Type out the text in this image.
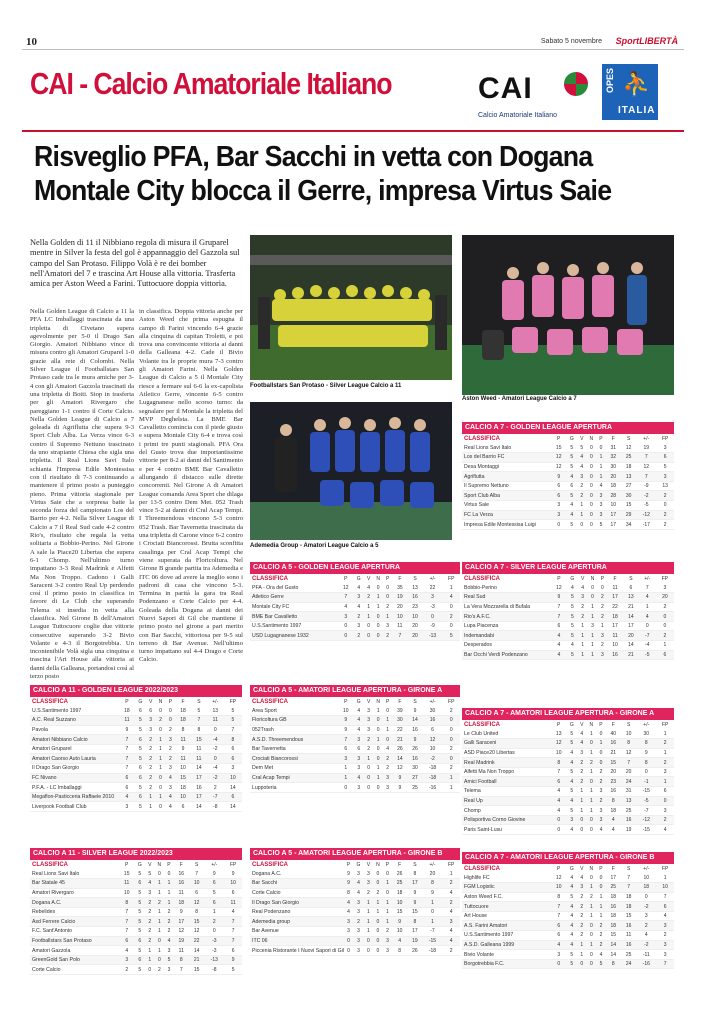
10	Sabato 5 novembre SportLIBERTÀ
CAI - Calcio Amatoriale Italiano	CAI
Calcio Amatoriale Italiano
OPES ⛹
ITALIA
Risveglio PFA, Bar Sacchi in vetta con Dogana
Montale City blocca il Gerre, impresa Virtus Saie
Nella Golden di 11 il Nibbiano regola di misura il Gruparel mentre in Silver la festa del gol è appannaggio del Gazzola sul campo del San Protaso. Filippo Volà è re dei bomber nell'Amatori del 7 e trascina Art House alla vittoria. Trasferta amica per Aston Weed a Farini. Tuttocuore doppia vittoria.
Nella Golden League di Calcio a 11 la PFA LC Imballaggi trascinata da una tripletta di Civetano supera agevolmente per 5-0 il Drago San Giorgio. Amatori Nibbiano vince di misura contro gli Amatori Gruparel 1-0 grazie alla rete di Colombi. Nella Silver League il Footballstars San Protaso cade tra le mura amiche per 3-4 con gli Amatori Gazzola trascinati da una tripletta di Botti. Stop in trasferta per gli Amatori Rivergaro che pareggiano 1-1 contro il Corte Calcio. Nella Golden League di Calcio a 7 goleada di Agriflutta che supera 9-3 Sport Club Alba. La Verza vince 6-3 contro il Supremo Nettuno trascinato da uno strapiante Chiesa che sigla una tripletta. Il Real Lions Savi Italo schianta l'Impresa Edile Montessisa con il risultato di 7-3 continuando a mantenere il primo posto a punteggio pieno. Prima vittoria stagionale per Virtus Saie che a sorpresa batte la seconda forza del campionato Los del Barrio per 4-2. Nella Silver League di Calcio a 7 il Real Sud cade 4-2 contro Rio's, risultato che regala la vetta solitaria a Bobbio-Perino. Nel Girone A sale la Piace20 Libertas che supera 6-1 Chomp. Nell'ultimo turno impattano 3-3 Real Madrink e Alfetti Ma Non Troppo. Cadono i Galli Saraceni 3-2 contro Real Up perdendo così il primo posto in classifica in favore di Le Club che superando Telema si insedia in vetta alla classifica. Nel Girone B dell'Amatori League Tuttocuore coglie due vittorie consecutive superando 3-2 Bivio Volante e 4-3 il Borgotrebbia. Un incontenibile Volà sigla una cinquina e trascina l'Art House alla vittoria ai danni della Galleana, portandosi così al terzo posto
in classifica. Doppia vittoria anche per Aston Weed che prima espugna il campo di Farini vincendo 6-4 grazie alla cinquina di capitan Troletti, e poi trova una convincente vittoria ai danni della Galleana 4-2. Cade il Bivio Volante tra le proprie mura 7-3 contro gli Amatori Farini. Nella Golden League di Calcio a 5 il Montale City riesce a fermare sul 6-6 la ex-capolista Atletico Gerre, vincente 6-5 contro Lugagnanese nello scorso turno: da segnalare per il Montale la tripletta del MVP Deghelsta. La BME Bar Cavalletto comincia con il piede giusto e supera Montale City 6-4 e trova così i primi tre punti stagionali. PFA Ora del Gusto trova due importantissime vittorie per 8-2 ai danni del Santimento e per 4 contro BME Bar Cavalletto allungando il distacco sulle dirette concorrenti. Nel Girone A di Amatori League comanda Area Sport che dilaga per 13-5 contro Dem Met. 052 Trash vince 5-2 ai danni di Cral Acap Tempi. I Threemendous vincono 5-3 contro 052 Trash. Bar Tavernetta trascinata da una tripletta di Carone vince 6-2 contro i Crociati Biancorossi. Brutta sconfitta casalinga per Cral Acap Tempi che viene superata da Floricoltura. Nel Girone B grande partita tra Ademedia e ITC 06 dove ad avere la meglio sono i padroni di casa che vincono 5-3. Termina in parità la gara tra Real Podenzano e Corte Calcio per 4-4. Goleada della Dogana ai danni dei Nuovi Sapori di Gil che mantiene il primo posto nel girone a pari merito con Bar Sacchi, vittoriosa per 9-5 sul terreno di Bar Avenue. Nell'ultimo turno impattano sul 4-4 Drago e Corte Calcio.
Footballstars San Protaso - Silver League Calcio a 11
Aston Weed - Amatori League Calcio a 7
Ademedia Group - Amatori League Calcio a 5
CALCIO A 7 - GOLDEN LEAGUE APERTURA
CLASSIFICA	P	G	V	N	P	F	S	+/-	FP
Real Lions Savi Italo	15	5	5	0	0	31	12	19	3
Los del Barrio FC	12	5	4	0	1	32	25	7	6
Desa Montaggi	12	5	4	0	1	30	18	12	5
Agriflutta	9	4	3	0	1	20	13	7	3
Il Supremo Nettuno	6	6	2	0	4	18	27	-9	13
Sport Club Alba	6	5	2	0	3	28	30	-2	2
Virtus Saie	3	4	1	0	3	10	15	-5	0
FC La Verza	3	4	1	0	3	17	29	-12	2
Impresa Edile Montessisa Luigi	0	5	0	0	5	17	34	-17	2
CALCIO A 5 - GOLDEN LEAGUE APERTURA
CLASSIFICA	P	G	V	N	P	F	S	+/-	FP
PFA - Ora del Gusto	12	4	4	0	0	35	13	22	1
Atletico Gerre	7	3	2	1	0	19	16	3	4
Montale City FC	4	4	1	1	2	20	23	-3	0
BME Bar Cavalletto	3	2	1	0	1	10	10	0	2
U.S.Santimento 1997	0	3	0	0	3	11	20	-9	0
USD Lugagnanese 1932	0	2	0	0	2	7	20	-13	5
CALCIO A 7 - SILVER LEAGUE APERTURA
CLASSIFICA	P	G	V	N	P	F	S	+/-	FP
Bobbio-Perino	12	4	4	0	0	11	6	7	3
Real Sud	9	5	3	0	2	17	13	4	20
La Vera Mozzarella di Bufala	7	5	2	1	2	22	21	1	2
Rio's A.F.C.	7	5	2	1	2	18	14	4	0
Lupa Piacenza	6	5	1	3	1	17	17	0	0
Indemandabi	4	5	1	1	3	11	20	-7	2
Desperados	4	4	1	1	2	10	14	-4	1
Bar Occhi Verdi Podenzano	4	5	1	1	3	16	21	-5	6
CALCIO A 11 - GOLDEN LEAGUE 2022/2023
CLASSIFICA	P	G	V	N	P	F	S	+/-	FP
U.S.Santimento 1997	18	6	6	0	0	18	5	13	5
A.C. Real Suzzano	11	5	3	2	0	18	7	11	5
Pavola	9	5	3	0	2	8	8	0	7
Amatori Nibbiano Calcio	7	6	2	1	3	11	15	-4	8
Amatori Gruparel	7	5	2	1	2	9	11	-2	6
Amatori Caorso Auto Lauria	7	5	2	1	2	11	11	0	6
Il Drago San Giorgio	7	6	2	1	3	10	14	-4	3
FC Nivano	6	6	2	0	4	15	17	-2	10
P.F.A. - LC Imballaggi	6	5	2	0	3	18	16	2	14
Megaflon-Pasticceria Raffaele 2010	4	6	1	1	4	10	17	-7	6
Liverpook Football Club	3	5	1	0	4	6	14	-8	14
CALCIO A 5 - AMATORI LEAGUE APERTURA - GIRONE A
CLASSIFICA	P	G	V	N	P	F	S	+/-	FP
Area Sport	10	4	3	1	0	39	9	30	2
Floricoltura GB	9	4	3	0	1	30	14	16	0
052Trash	9	4	3	0	1	22	16	6	0
A.S.D. Threemendous	7	3	2	1	0	21	9	12	0
Bar Tavernetta	6	6	2	0	4	26	26	10	2
Crociati Biancorossi	3	3	1	0	2	14	16	-2	0
Dem Met	1	3	0	1	2	12	30	-18	2
Cral Acap Tempi	1	4	0	1	3	9	27	-18	1
Luppoteria	0	3	0	0	3	9	25	-16	1
CALCIO A 7 - AMATORI LEAGUE APERTURA - GIRONE A
CLASSIFICA	P	G	V	N	P	F	S	+/-	FP
Le Club United	13	5	4	1	0	40	10	30	1
Galli Saraceni	12	5	4	0	1	16	8	8	2
ASD Piace20 Libertas	10	4	3	1	0	21	12	9	1
Real Madrink	8	4	2	2	0	15	7	8	2
Alfetti Ma Non Troppo	7	5	2	1	2	20	20	0	3
Amici Football	6	4	2	0	2	23	24	-1	1
Telema	4	5	1	1	3	16	31	-15	6
Real Up	4	4	1	1	2	8	13	-5	0
Chomp	4	5	1	1	3	18	25	-7	3
Polisportiva Corno Giovine	0	3	0	0	3	4	16	-12	2
Paris Saint-Lusu	0	4	0	0	4	4	19	-15	4
CALCIO A 11 - SILVER LEAGUE 2022/2023
CLASSIFICA	P	G	V	N	P	F	S	+/-	FP
Real Lions Savi Italo	15	5	5	0	0	16	7	9	9
Bar Statale 45	11	6	4	1	1	16	10	6	10
Amatori Rivergaro	10	5	3	1	1	11	6	5	6
Dogana A.C.	8	5	2	2	1	18	12	6	11
Rebelides	7	5	2	1	2	9	8	1	4
Asd Ferrere Calcio	7	5	2	1	2	17	15	2	7
F.C. Sant'Antonio	7	5	2	1	2	12	12	0	7
Footballstars San Protaso	6	6	2	0	4	19	22	-3	7
Amatori Gazzola	4	5	1	1	3	11	14	-3	6
GreenGold San Polo	3	6	1	0	5	8	21	-13	9
Corte Calcio	2	5	0	2	3	7	15	-8	5
CALCIO A 5 - AMATORI LEAGUE APERTURA - GIRONE B
CLASSIFICA	P	G	V	N	P	F	S	+/-	FP
Dogana A.C.	9	3	3	0	0	26	8	20	1
Bar Sacchi	9	4	3	0	1	25	17	8	2
Corte Calcio	8	4	2	2	0	18	9	9	4
Il Drago San Giorgio	4	3	1	1	1	10	9	1	2
Real Podenzano	4	3	1	1	1	15	15	0	4
Ademedia group	3	2	1	0	1	9	8	1	3
Bar Avenue	3	3	1	0	2	10	17	-7	4
ITC 06	0	3	0	0	3	4	19	-15	4
Piccenia Ristorante I Nuovi Sapori di Gil	0	3	0	0	3	8	26	-18	2
CALCIO A 7 - AMATORI LEAGUE APERTURA - GIRONE B
CLASSIFICA	P	G	V	N	P	F	S	+/-	FP
Highlife FC	12	4	4	0	0	17	7	10	1
FGM Logistic	10	4	3	1	0	25	7	18	10
Aston Weed F.C.	8	5	2	2	1	18	18	0	7
Tuttocuore	7	4	2	1	1	16	18	-2	6
Art House	7	4	2	1	1	18	15	3	4
A.S. Farini Amatori	6	4	2	0	2	18	16	2	3
U.S.Santimento 1997	6	4	2	0	2	15	11	4	2
A.S.D. Galleana 1999	4	4	1	1	2	14	16	-2	3
Bivio Volante	3	5	1	0	4	14	25	-11	3
Borgotrebbia F.C.	0	5	0	0	5	8	24	-16	7
